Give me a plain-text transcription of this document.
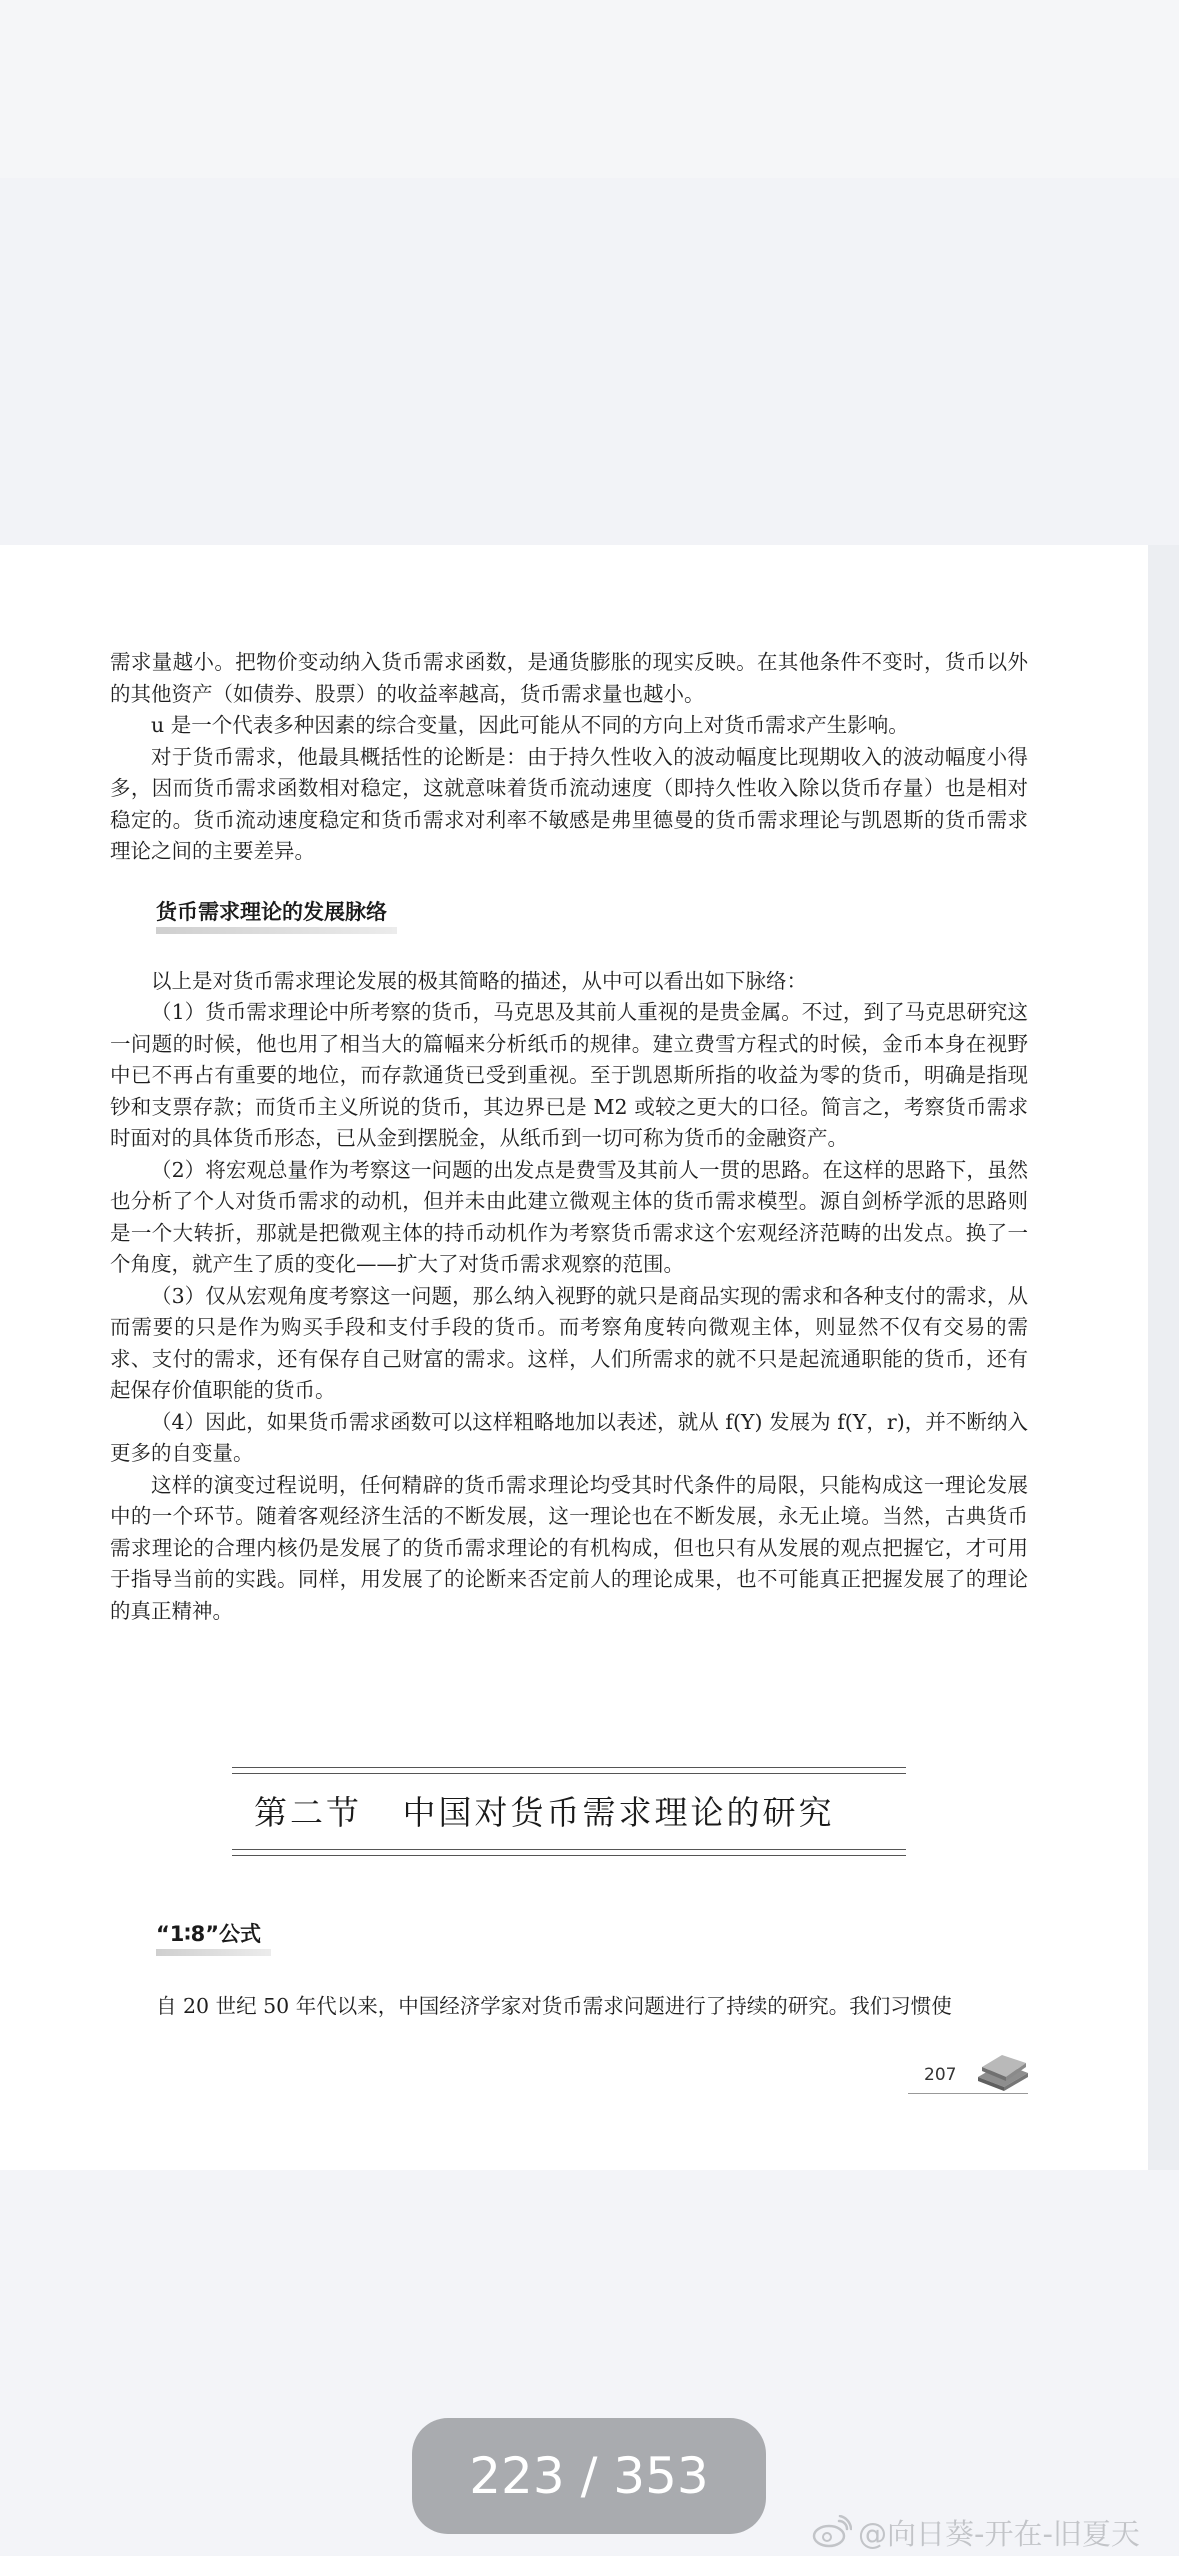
需求量越小。把物价变动纳入货币需求函数，是通货膨胀的现实反映。在其他条件不变时，货币以外的其他资产（如债券、股票）的收益率越高，货币需求量也越小。

u 是一个代表多种因素的综合变量，因此可能从不同的方向上对货币需求产生影响。

对于货币需求，他最具概括性的论断是：由于持久性收入的波动幅度比现期收入的波动幅度小得多，因而货币需求函数相对稳定，这就意味着货币流动速度（即持久性收入除以货币存量）也是相对稳定的。货币流动速度稳定和货币需求对利率不敏感是弗里德曼的货币需求理论与凯恩斯的货币需求理论之间的主要差异。

货币需求理论的发展脉络

以上是对货币需求理论发展的极其简略的描述，从中可以看出如下脉络：

（1）货币需求理论中所考察的货币，马克思及其前人重视的是贵金属。不过，到了马克思研究这一问题的时候，他也用了相当大的篇幅来分析纸币的规律。建立费雪方程式的时候，金币本身在视野中已不再占有重要的地位，而存款通货已受到重视。至于凯恩斯所指的收益为零的货币，明确是指现钞和支票存款；而货币主义所说的货币，其边界已是 M2 或较之更大的口径。简言之，考察货币需求时面对的具体货币形态，已从金到摆脱金，从纸币到一切可称为货币的金融资产。

（2）将宏观总量作为考察这一问题的出发点是费雪及其前人一贯的思路。在这样的思路下，虽然也分析了个人对货币需求的动机，但并未由此建立微观主体的货币需求模型。源自剑桥学派的思路则是一个大转折，那就是把微观主体的持币动机作为考察货币需求这个宏观经济范畴的出发点。换了一个角度，就产生了质的变化——扩大了对货币需求观察的范围。

（3）仅从宏观角度考察这一问题，那么纳入视野的就只是商品实现的需求和各种支付的需求，从而需要的只是作为购买手段和支付手段的货币。而考察角度转向微观主体，则显然不仅有交易的需求、支付的需求，还有保存自己财富的需求。这样，人们所需求的就不只是起流通职能的货币，还有起保存价值职能的货币。

（4）因此，如果货币需求函数可以这样粗略地加以表述，就从 f(Y) 发展为 f(Y，r)，并不断纳入更多的自变量。

这样的演变过程说明，任何精辟的货币需求理论均受其时代条件的局限，只能构成这一理论发展中的一个环节。随着客观经济生活的不断发展，这一理论也在不断发展，永无止境。当然，古典货币需求理论的合理内核仍是发展了的货币需求理论的有机构成，但也只有从发展的观点把握它，才可用于指导当前的实践。同样，用发展了的论断来否定前人的理论成果，也不可能真正把握发展了的理论的真正精神。

第二节   中国对货币需求理论的研究
“1∶8”公式

自 20 世纪 50 年代以来，中国经济学家对货币需求问题进行了持续的研究。我们习惯使

207
223 / 353
@向日葵-开在-旧夏天
